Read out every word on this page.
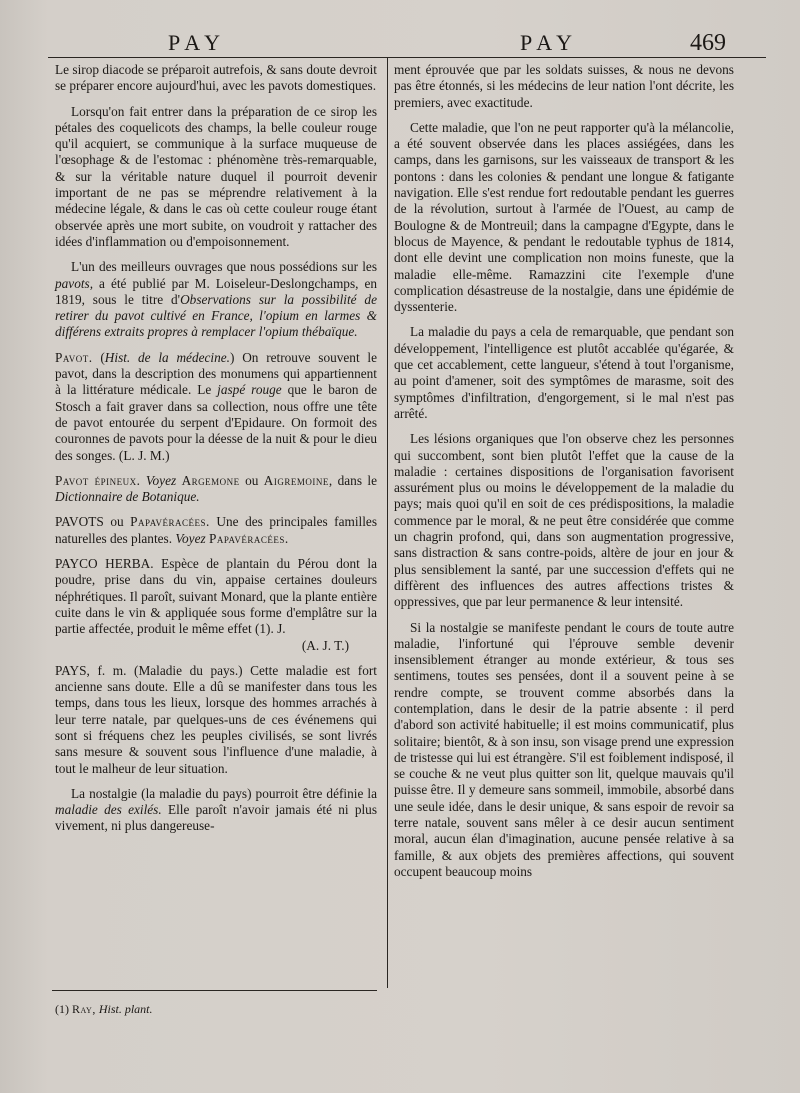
PAY	PAY	469

Le sirop diacode se préparoit autrefois, & sans doute devroit se préparer encore aujourd'hui, avec les pavots domestiques.

Lorsqu'on fait entrer dans la préparation de ce sirop les pétales des coquelicots des champs, la belle couleur rouge qu'il acquiert, se communique à la surface muqueuse de l'œsophage & de l'estomac : phénomène très-remarquable, & sur la véritable nature duquel il pourroit devenir important de ne pas se méprendre relativement à la médecine légale, & dans le cas où cette couleur rouge étant observée après une mort subite, on voudroit y rattacher des idées d'inflammation ou d'empoisonnement.

L'un des meilleurs ouvrages que nous possédions sur les pavots, a été publié par M. Loiseleur-Deslongchamps, en 1819, sous le titre d'Observations sur la possibilité de retirer du pavot cultivé en France, l'opium en larmes & différens extraits propres à remplacer l'opium thébaïque.

Pavot. (Hist. de la médecine.) On retrouve souvent le pavot, dans la description des monumens qui appartiennent à la littérature médicale. Le jaspé rouge que le baron de Stosch a fait graver dans sa collection, nous offre une tête de pavot entourée du serpent d'Epidaure. On formoit des couronnes de pavots pour la déesse de la nuit & pour le dieu des songes. (L. J. M.)

Pavot épineux. Voyez Argemone ou Aigremoine, dans le Dictionnaire de Botanique.

PAVOTS ou Papavéracées. Une des principales familles naturelles des plantes. Voyez Papavéracées.

PAYCO HERBA. Espèce de plantain du Pérou dont la poudre, prise dans du vin, appaise certaines douleurs néphrétiques. Il paroît, suivant Monard, que la plante entière cuite dans le vin & appliquée sous forme d'emplâtre sur la partie affectée, produit le même effet (1). J.
(A. J. T.)

PAYS, f. m. (Maladie du pays.) Cette maladie est fort ancienne sans doute. Elle a dû se manifester dans tous les temps, dans tous les lieux, lorsque des hommes arrachés à leur terre natale, par quelques-uns de ces événemens qui sont si fréquens chez les peuples civilisés, se sont livrés sans mesure & souvent sous l'influence d'une maladie, à tout le malheur de leur situation.

La nostalgie (la maladie du pays) pourroit être définie la maladie des exilés. Elle paroît n'avoir jamais été ni plus vivement, ni plus dangereuse-

ment éprouvée que par les soldats suisses, & nous ne devons pas être étonnés, si les médecins de leur nation l'ont décrite, les premiers, avec exactitude.

Cette maladie, que l'on ne peut rapporter qu'à la mélancolie, a été souvent observée dans les places assiégées, dans les camps, dans les garnisons, sur les vaisseaux de transport & les pontons : dans les colonies & pendant une longue & fatigante navigation. Elle s'est rendue fort redoutable pendant les guerres de la révolution, surtout à l'armée de l'Ouest, au camp de Boulogne & de Montreuil; dans la campagne d'Egypte, dans le blocus de Mayence, & pendant le redoutable typhus de 1814, dont elle devint une complication non moins funeste, que la maladie elle-même. Ramazzini cite l'exemple d'une complication désastreuse de la nostalgie, dans une épidémie de dyssenterie.

La maladie du pays a cela de remarquable, que pendant son développement, l'intelligence est plutôt accablée qu'égarée, & que cet accablement, cette langueur, s'étend à tout l'organisme, au point d'amener, soit des symptômes de marasme, soit des symptômes d'infiltration, d'engorgement, si le mal n'est pas arrêté.

Les lésions organiques que l'on observe chez les personnes qui succombent, sont bien plutôt l'effet que la cause de la maladie : certaines dispositions de l'organisation favorisent assurément plus ou moins le développement de la maladie du pays; mais quoi qu'il en soit de ces prédispositions, la maladie commence par le moral, & ne peut être considérée que comme un chagrin profond, qui, dans son augmentation progressive, sans distraction & sans contre-poids, altère de jour en jour & plus sensiblement la santé, par une succession d'effets qui ne diffèrent des influences des autres affections tristes & oppressives, que par leur permanence & leur intensité.

Si la nostalgie se manifeste pendant le cours de toute autre maladie, l'infortuné qui l'éprouve semble devenir insensiblement étranger au monde extérieur, & tous ses sentimens, toutes ses pensées, dont il a souvent peine à se rendre compte, se trouvent comme absorbés dans la contemplation, dans le desir de la patrie absente : il perd d'abord son activité habituelle; il est moins communicatif, plus solitaire; bientôt, & à son insu, son visage prend une expression de tristesse qui lui est étrangère. S'il est foiblement indisposé, il se couche & ne veut plus quitter son lit, quelque mauvais qu'il puisse être. Il y demeure sans sommeil, immobile, absorbé dans une seule idée, dans le desir unique, & sans espoir de revoir sa terre natale, souvent sans mêler à ce desir aucun sentiment moral, aucun élan d'imagination, aucune pensée relative à sa famille, & aux objets des premières affections, qui souvent occupent beaucoup moins

(1) Ray, Hist. plant.
